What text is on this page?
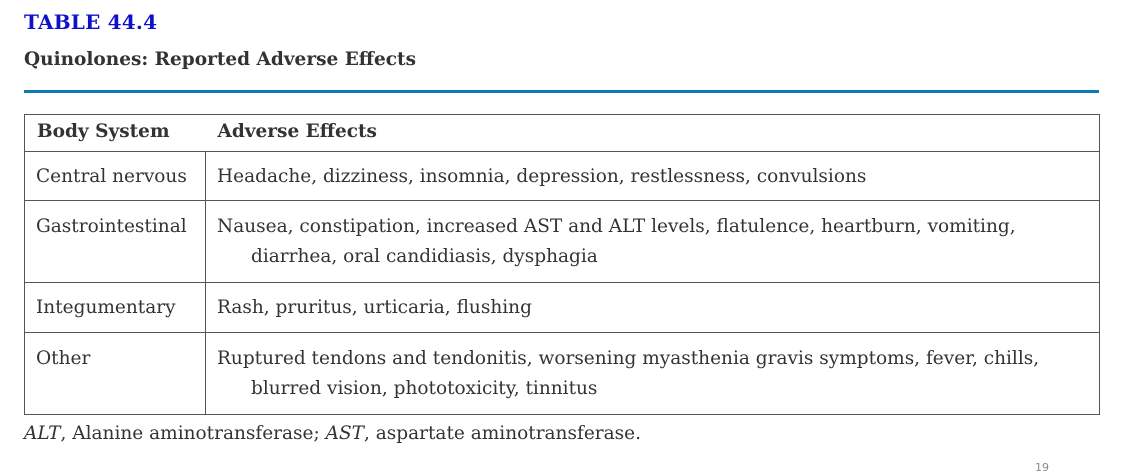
TABLE 44.4
Quinolones: Reported Adverse Effects
Body System	Adverse Effects
Central nervous	Headache, dizziness, insomnia, depression, restlessness, convulsions

Gastrointestinal	Nausea, constipation, increased AST and ALT levels, flatulence, heartburn, vomiting, diarrhea, oral candidiasis, dysphagia

Integumentary	Rash, pruritus, urticaria, flushing

Other	Ruptured tendons and tendonitis, worsening myasthenia gravis symptoms, fever, chills, blurred vision, phototoxicity, tinnitus
ALT, Alanine aminotransferase; AST, aspartate aminotransferase.
19
